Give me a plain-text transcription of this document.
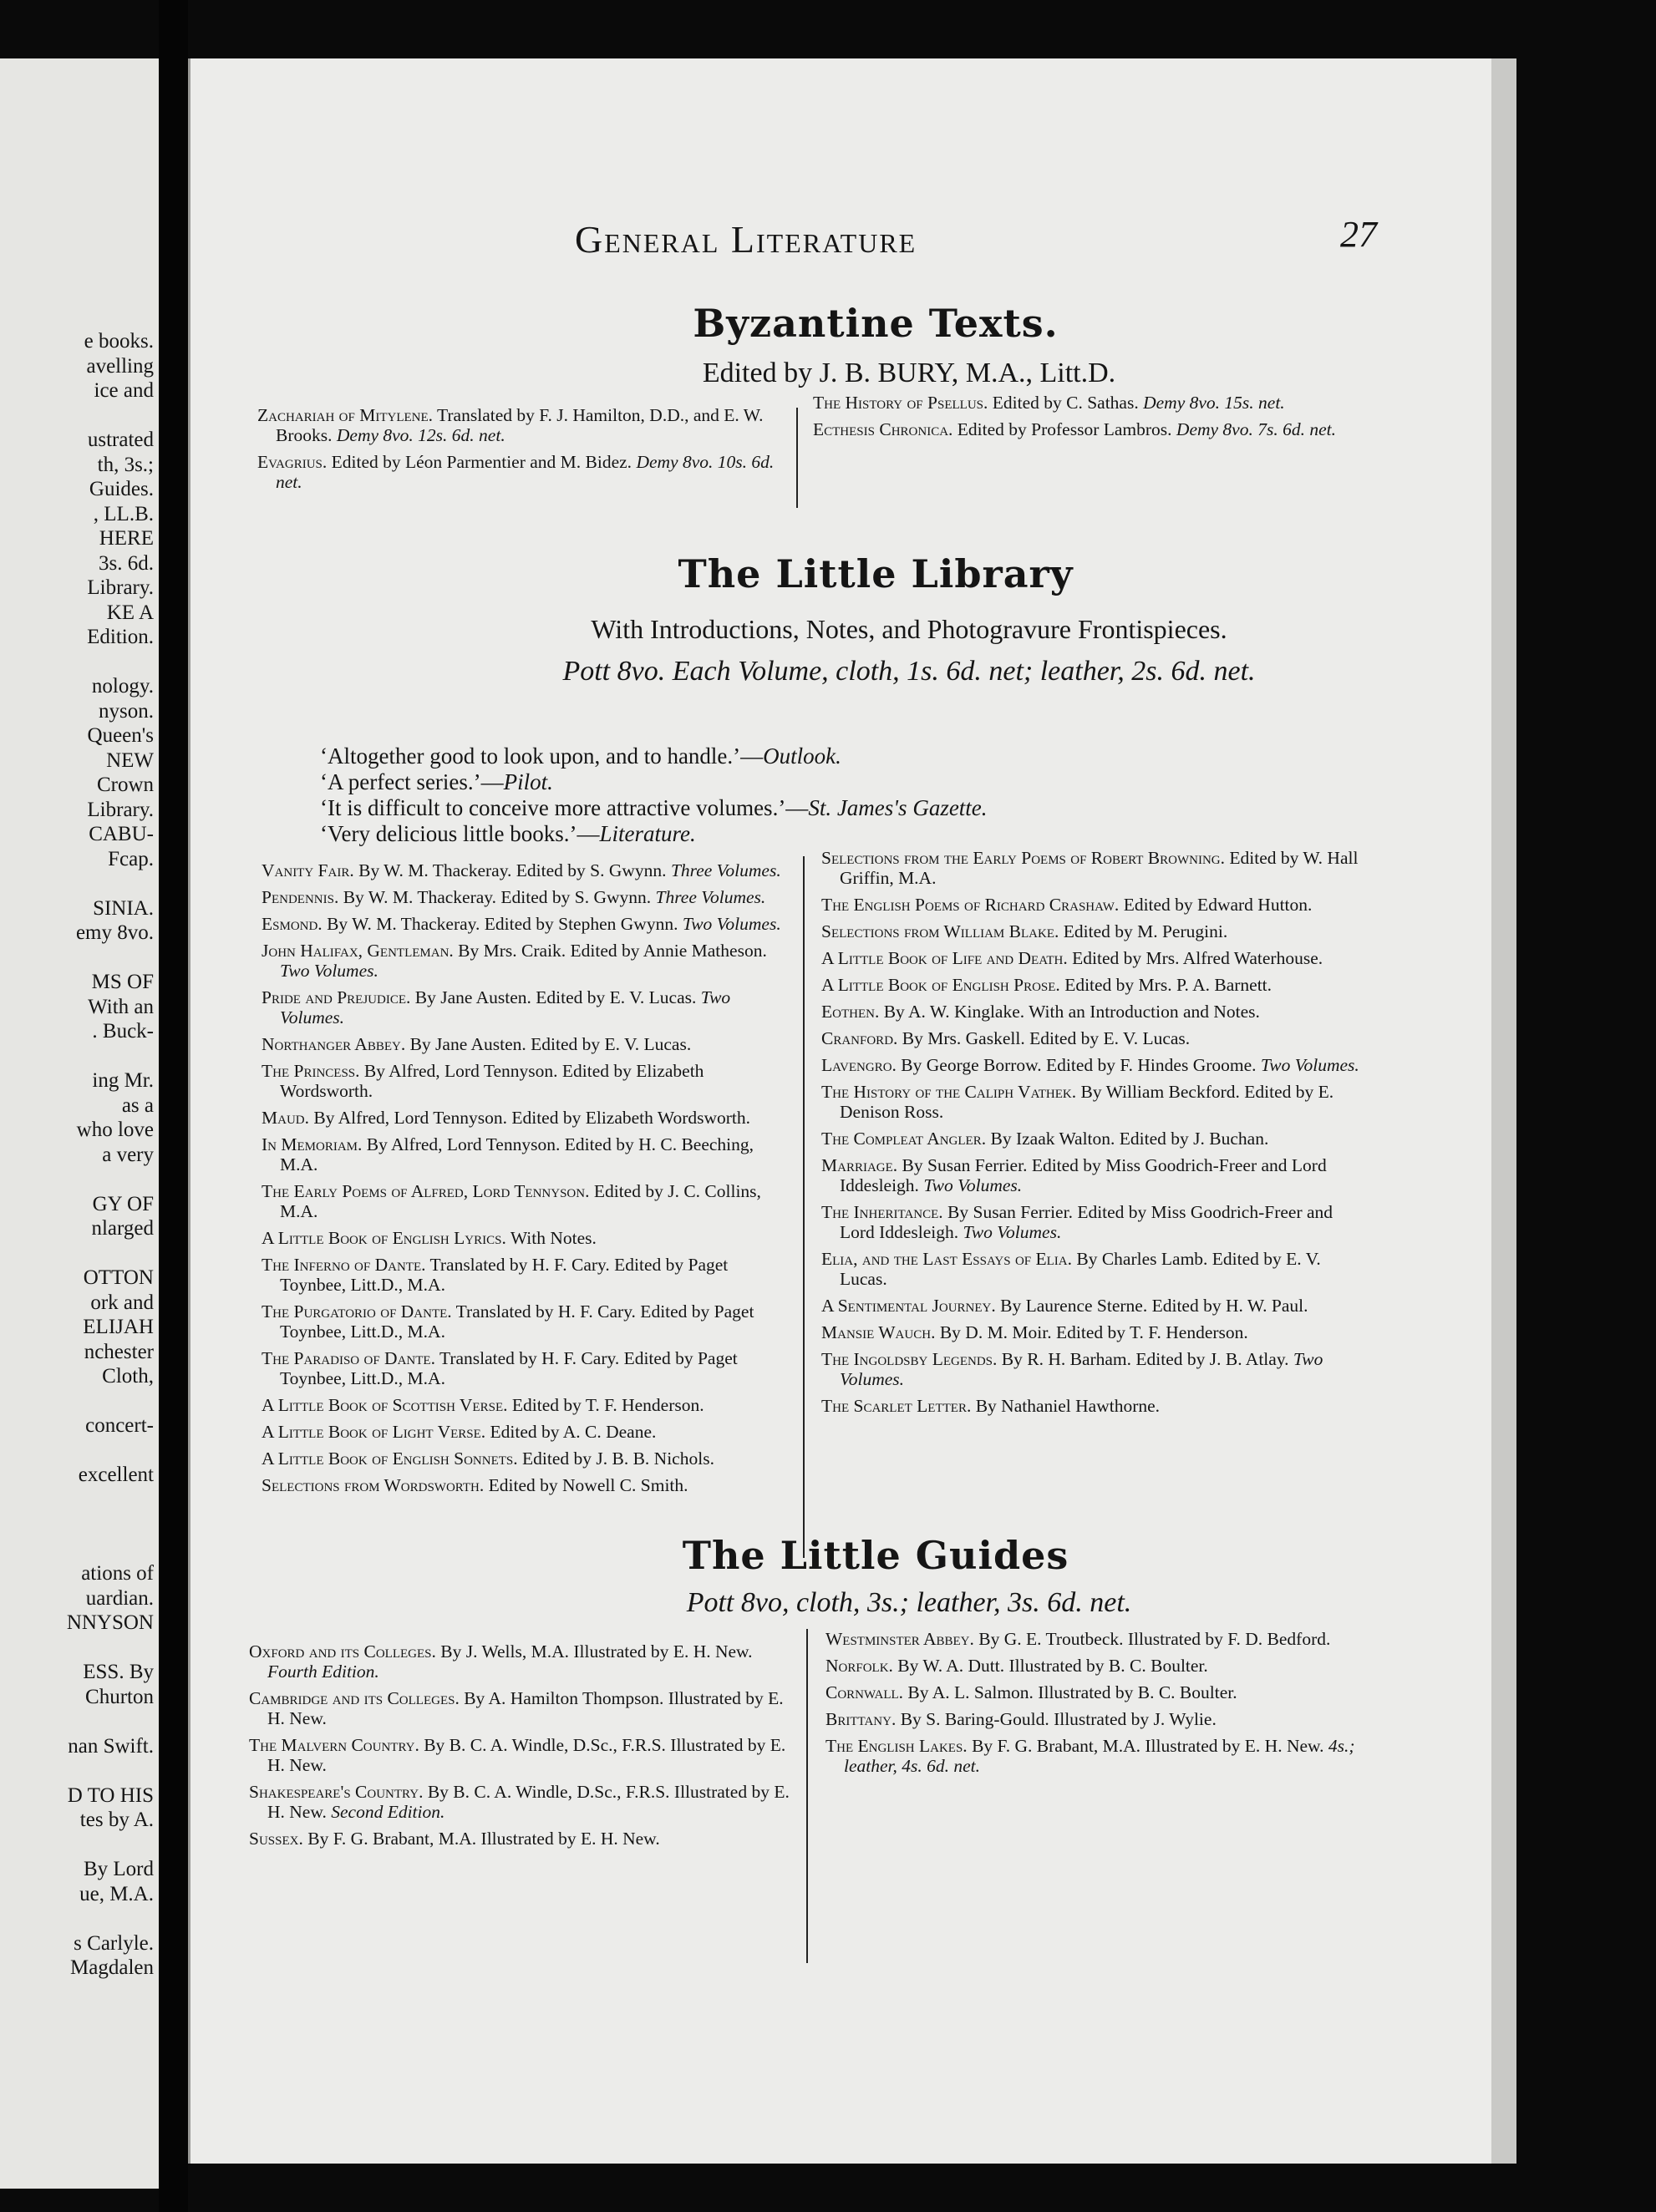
e books.
avelling
ice and
ustrated
th, 3s.;
Guides.
, LL.B.
HERE
3s. 6d.
Library.
KE A
Edition.
nology.
nyson.
Queen's
NEW
Crown
Library.
CABU-
Fcap.
SINIA.
emy 8vo.
MS OF
With an
. Buck-
ing Mr.
as a
who love
a very
GY OF
nlarged
OTTON
ork and
ELIJAH
nchester
Cloth,
concert-
excellent
ations of
uardian.
NNYSON
ESS. By
Churton
nan Swift.
D TO HIS
tes by A.
By Lord
ue, M.A.
s Carlyle.
Magdalen
General Literature	27
Byzantine Texts.
Edited by J. B. BURY, M.A., Litt.D.
Zachariah of Mitylene. Translated by F. J. Hamilton, D.D., and E. W. Brooks. Demy 8vo. 12s. 6d. net.
Evagrius. Edited by Léon Parmentier and M. Bidez. Demy 8vo. 10s. 6d. net.
The History of Psellus. Edited by C. Sathas. Demy 8vo. 15s. net.
Ecthesis Chronica. Edited by Professor Lambros. Demy 8vo. 7s. 6d. net.
The Little Library
With Introductions, Notes, and Photogravure Frontispieces.
Pott 8vo. Each Volume, cloth, 1s. 6d. net; leather, 2s. 6d. net.
‘Altogether good to look upon, and to handle.’—Outlook.
‘A perfect series.’—Pilot.
‘It is difficult to conceive more attractive volumes.’—St. James's Gazette.
‘Very delicious little books.’—Literature.
Vanity Fair. By W. M. Thackeray. Edited by S. Gwynn. Three Volumes.
Pendennis. By W. M. Thackeray. Edited by S. Gwynn. Three Volumes.
Esmond. By W. M. Thackeray. Edited by Stephen Gwynn. Two Volumes.
John Halifax, Gentleman. By Mrs. Craik. Edited by Annie Matheson. Two Volumes.
Pride and Prejudice. By Jane Austen. Edited by E. V. Lucas. Two Volumes.
Northanger Abbey. By Jane Austen. Edited by E. V. Lucas.
The Princess. By Alfred, Lord Tennyson. Edited by Elizabeth Wordsworth.
Maud. By Alfred, Lord Tennyson. Edited by Elizabeth Wordsworth.
In Memoriam. By Alfred, Lord Tennyson. Edited by H. C. Beeching, M.A.
The Early Poems of Alfred, Lord Tennyson. Edited by J. C. Collins, M.A.
A Little Book of English Lyrics. With Notes.
The Inferno of Dante. Translated by H. F. Cary. Edited by Paget Toynbee, Litt.D., M.A.
The Purgatorio of Dante. Translated by H. F. Cary. Edited by Paget Toynbee, Litt.D., M.A.
The Paradiso of Dante. Translated by H. F. Cary. Edited by Paget Toynbee, Litt.D., M.A.
A Little Book of Scottish Verse. Edited by T. F. Henderson.
A Little Book of Light Verse. Edited by A. C. Deane.
A Little Book of English Sonnets. Edited by J. B. B. Nichols.
Selections from Wordsworth. Edited by Nowell C. Smith.
Selections from the Early Poems of Robert Browning. Edited by W. Hall Griffin, M.A.
The English Poems of Richard Crashaw. Edited by Edward Hutton.
Selections from William Blake. Edited by M. Perugini.
A Little Book of Life and Death. Edited by Mrs. Alfred Waterhouse.
A Little Book of English Prose. Edited by Mrs. P. A. Barnett.
Eothen. By A. W. Kinglake. With an Introduction and Notes.
Cranford. By Mrs. Gaskell. Edited by E. V. Lucas.
Lavengro. By George Borrow. Edited by F. Hindes Groome. Two Volumes.
The History of the Caliph Vathek. By William Beckford. Edited by E. Denison Ross.
The Compleat Angler. By Izaak Walton. Edited by J. Buchan.
Marriage. By Susan Ferrier. Edited by Miss Goodrich-Freer and Lord Iddesleigh. Two Volumes.
The Inheritance. By Susan Ferrier. Edited by Miss Goodrich-Freer and Lord Iddesleigh. Two Volumes.
Elia, and the Last Essays of Elia. By Charles Lamb. Edited by E. V. Lucas.
A Sentimental Journey. By Laurence Sterne. Edited by H. W. Paul.
Mansie Wauch. By D. M. Moir. Edited by T. F. Henderson.
The Ingoldsby Legends. By R. H. Barham. Edited by J. B. Atlay. Two Volumes.
The Scarlet Letter. By Nathaniel Hawthorne.
The Little Guides
Pott 8vo, cloth, 3s.; leather, 3s. 6d. net.
Oxford and its Colleges. By J. Wells, M.A. Illustrated by E. H. New. Fourth Edition.
Cambridge and its Colleges. By A. Hamilton Thompson. Illustrated by E. H. New.
The Malvern Country. By B. C. A. Windle, D.Sc., F.R.S. Illustrated by E. H. New.
Shakespeare's Country. By B. C. A. Windle, D.Sc., F.R.S. Illustrated by E. H. New. Second Edition.
Sussex. By F. G. Brabant, M.A. Illustrated by E. H. New.
Westminster Abbey. By G. E. Troutbeck. Illustrated by F. D. Bedford.
Norfolk. By W. A. Dutt. Illustrated by B. C. Boulter.
Cornwall. By A. L. Salmon. Illustrated by B. C. Boulter.
Brittany. By S. Baring-Gould. Illustrated by J. Wylie.
The English Lakes. By F. G. Brabant, M.A. Illustrated by E. H. New. 4s.; leather, 4s. 6d. net.
